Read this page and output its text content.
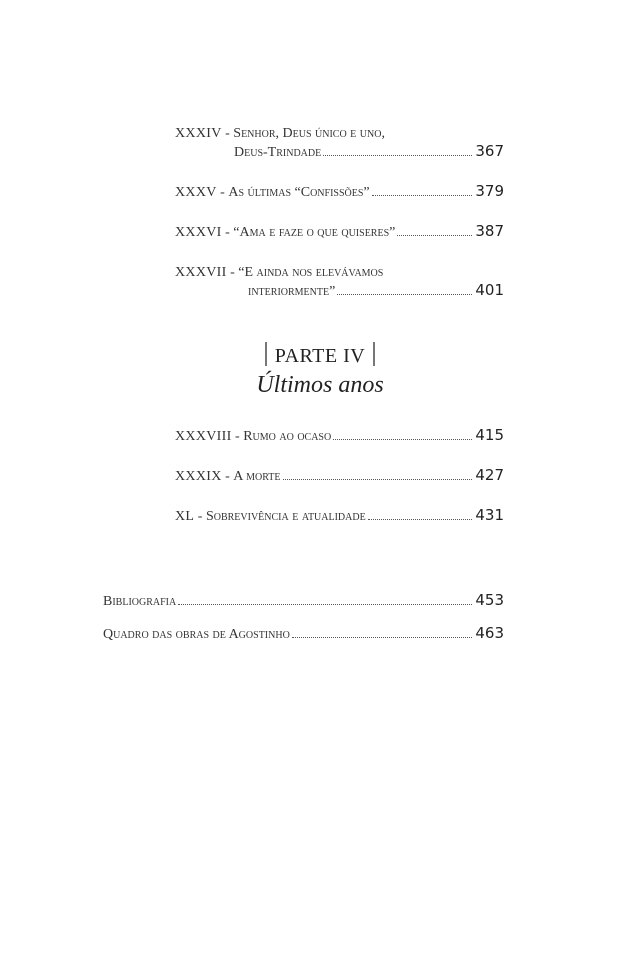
XXXIV - Senhor, Deus único e uno,
Deus-Trindade	367
XXXV - As últimas “Confissões”	379
XXXVI - “Ama e faze o que quiseres”	387
XXXVII - “E ainda nos elevávamos
interiormente”	401
PARTE IV
Últimos anos
XXXVIII - Rumo ao ocaso	415
XXXIX - A morte	427
XL - Sobrevivência e atualidade	431
Bibliografia	453
Quadro das obras de Agostinho	463
